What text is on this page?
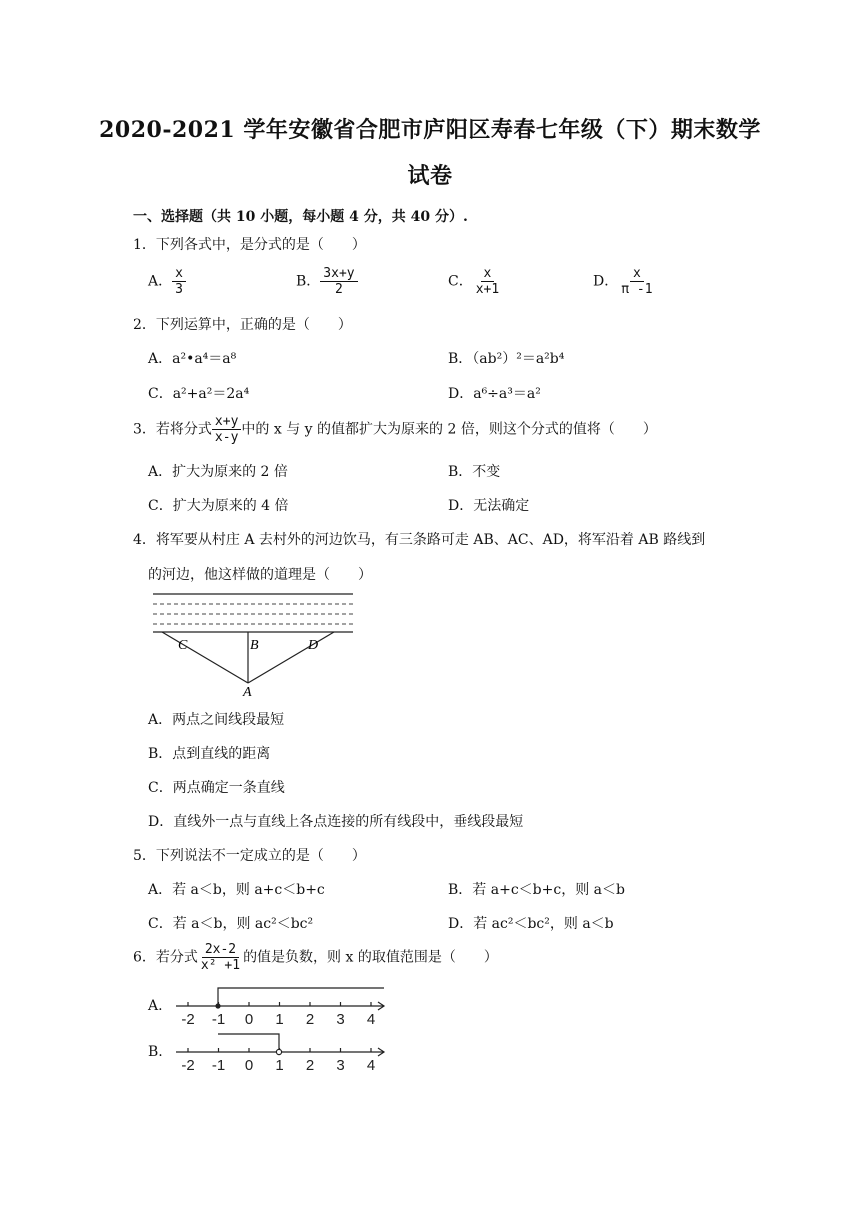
2020-2021 学年安徽省合肥市庐阳区寿春七年级（下）期末数学
试卷
一、选择题（共 10 小题，每小题 4 分，共 40 分）.
1．下列各式中，是分式的是（　　）
A． $\frac{x}{3}$	B． $\frac{3x+y}{2}$	C． $\frac{x}{x+1}$	D． $\frac{x}{\pi -1}$
2．下列运算中，正确的是（　　）
A．a²•a⁴＝a⁸	B．（ab²）²＝a²b⁴
C．a²+a²＝2a⁴	D．a⁶÷a³＝a²
3．若将分式 $\frac{x+y}{x-y}$ 中的 x 与 y 的值都扩大为原来的 2 倍，则这个分式的值将（　　）
A．扩大为原来的 2 倍	B．不变
C．扩大为原来的 4 倍	D．无法确定
4．将军要从村庄 A 去村外的河边饮马，有三条路可走 AB、AC、AD，将军沿着 AB 路线到
的河边，他这样做的道理是（　　）
C	B	D
A
A．两点之间线段最短
B．点到直线的距离
C．两点确定一条直线
D．直线外一点与直线上各点连接的所有线段中，垂线段最短
5．下列说法不一定成立的是（　　）
A．若 a＜b，则 a+c＜b+c	B．若 a+c＜b+c，则 a＜b
C．若 a＜b，则 ac²＜bc²	D．若 ac²＜bc²，则 a＜b
6．若分式 $\frac{2x-2}{\text{x² +1}}$ 的值是负数，则 x 的取值范围是（　　）
A.
-2 -1 0 1 2 3 4
B.
-2 -1 0 1 2 3 4
